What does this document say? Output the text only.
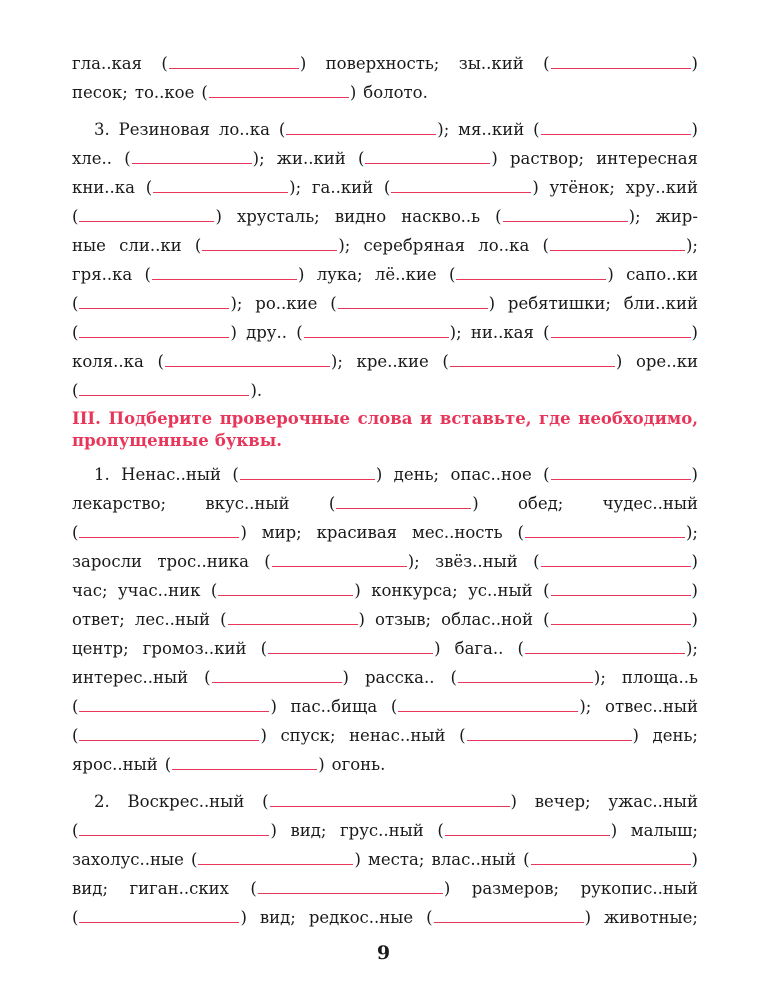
гла..кая (	) поверхность; зы..кий (	)
песок; то..кое (	) болото.
3. Резиновая ло..ка (	); мя..кий (	)
хле.. (	); жи..кий (	) раствор; интересная
кни..ка (	); га..кий (	) утёнок; хру..кий
(	) хрусталь; видно насквo..ь (	); жир-
ные сли..ки (	); серебряная ло..ка (	);
гря..ка (	) лука; лё..кие (	) сапо..ки
(	); ро..кие (	) ребятишки; бли..кий
(	) дру.. (	); ни..кая (	)
коля..ка (	); кре..кие (	) оре..ки
(	).
III. Подберите проверочные слова и вставьте, где необходимо,
пропущенные буквы.
1. Ненас..ный (	) день; опас..ное (	)
лекарство; вкус..ный (	) обед; чудес..ный
(	) мир; красивая мес..ность (	);
заросли трос..ника (	); звёз..ный (	)
час; учас..ник (	) конкурса; ус..ный (	)
ответ; лес..ный (	) отзыв; облас..ной (	)
центр; громоз..кий (	) бага.. (	);
интерес..ный (	) расска.. (	); площа..ь
(	) пас..бища (	); отвес..ный
(	) спуск; ненас..ный (	) день;
ярос..ный (	) огонь.
2. Воскрес..ный (	) вечер; ужас..ный
(	) вид; грус..ный (	) малыш;
захолус..ные (	) места; влас..ный (	)
вид; гиган..ских (	) размеров; рукопис..ный
(	) вид; редкос..ные (	) животные;
9
